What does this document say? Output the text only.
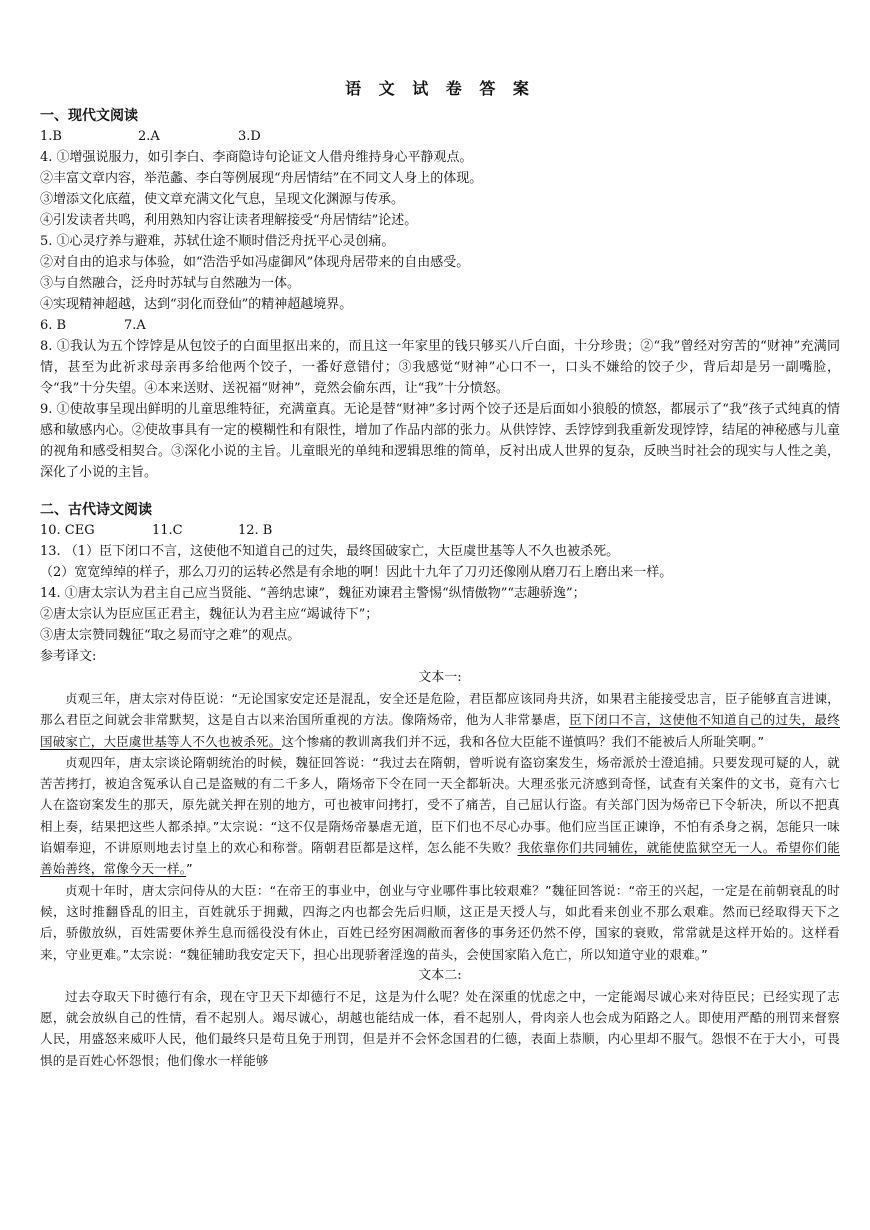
语 文 试 卷 答 案

一、现代文阅读

1.B	2.A	3.D

4. ①增强说服力，如引李白、李商隐诗句论证文人借舟维持身心平静观点。

②丰富文章内容，举范蠡、李白等例展现“舟居情结”在不同文人身上的体现。

③增添文化底蕴，使文章充满文化气息，呈现文化渊源与传承。

④引发读者共鸣，利用熟知内容让读者理解接受“舟居情结”论述。

5. ①心灵疗养与避难，苏轼仕途不顺时借泛舟抚平心灵创痛。

②对自由的追求与体验，如“浩浩乎如冯虚御风”体现舟居带来的自由感受。

③与自然融合，泛舟时苏轼与自然融为一体。

④实现精神超越，达到“羽化而登仙”的精神超越境界。

6. B	7.A

8. ①我认为五个饽饽是从包饺子的白面里抠出来的，而且这一年家里的钱只够买八斤白面，十分珍贵；②“我”曾经对穷苦的“财神”充满同情，甚至为此祈求母亲再多给他两个饺子，一番好意错付；③我感觉“财神”心口不一，口头不嫌给的饺子少，背后却是另一副嘴脸，令“我”十分失望。④本来送财、送祝福“财神”，竟然会偷东西，让“我”十分愤怒。

9. ①使故事呈现出鲜明的儿童思维特征，充满童真。无论是替“财神”多讨两个饺子还是后面如小狼般的愤怒，都展示了“我”孩子式纯真的情感和敏感内心。②使故事具有一定的模糊性和有限性，增加了作品内部的张力。从供饽饽、丢饽饽到我重新发现饽饽，结尾的神秘感与儿童的视角和感受相契合。③深化小说的主旨。儿童眼光的单纯和逻辑思维的简单，反衬出成人世界的复杂，反映当时社会的现实与人性之美，深化了小说的主旨。

二、古代诗文阅读

10. CEG	11.C	12. B

13. （1）臣下闭口不言，这使他不知道自己的过失，最终国破家亡，大臣虞世基等人不久也被杀死。

（2）宽宽绰绰的样子，那么刀刃的运转必然是有余地的啊！因此十九年了刀刃还像刚从磨刀石上磨出来一样。

14. ①唐太宗认为君主自己应当贤能、“善纳忠谏”，魏征劝谏君主警惕“纵情傲物”“志趣骄逸”；

②唐太宗认为臣应匡正君主，魏征认为君主应“竭诚待下”；

③唐太宗赞同魏征“取之易而守之难”的观点。

参考译文:

文本一:

贞观三年，唐太宗对侍臣说：“无论国家安定还是混乱，安全还是危险，君臣都应该同舟共济，如果君主能接受忠言，臣子能够直言进谏，那么君臣之间就会非常默契，这是自古以来治国所重视的方法。像隋炀帝，他为人非常暴虐，臣下闭口不言，这使他不知道自己的过失，最终国破家亡，大臣虞世基等人不久也被杀死。这个惨痛的教训离我们并不远，我和各位大臣能不谨慎吗？我们不能被后人所耻笑啊。”

贞观四年，唐太宗谈论隋朝统治的时候，魏征回答说：“我过去在隋朝，曾听说有盗窃案发生，炀帝派於士澄追捕。只要发现可疑的人，就苦苦拷打，被迫含冤承认自己是盗贼的有二千多人，隋炀帝下令在同一天全都斩决。大理丞张元济感到奇怪，试查有关案件的文书，竟有六七人在盗窃案发生的那天，原先就关押在别的地方，可也被审问拷打，受不了痛苦，自己屈认行盗。有关部门因为炀帝已下令斩决，所以不把真相上奏，结果把这些人都杀掉。”太宗说：“这不仅是隋炀帝暴虐无道，臣下们也不尽心办事。他们应当匡正谏诤，不怕有杀身之祸，怎能只一味谄媚奉迎，不讲原则地去讨皇上的欢心和称誉。隋朝君臣都是这样，怎么能不失败？我依靠你们共同辅佐，就能使监狱空无一人。希望你们能善始善终，常像今天一样。”

贞观十年时，唐太宗问侍从的大臣：“在帝王的事业中，创业与守业哪件事比较艰难？”魏征回答说：“帝王的兴起，一定是在前朝衰乱的时候，这时推翻昏乱的旧主，百姓就乐于拥戴，四海之内也都会先后归顺，这正是天授人与，如此看来创业不那么艰难。然而已经取得天下之后，骄傲放纵，百姓需要休养生息而徭役没有休止，百姓已经穷困凋敝而奢侈的事务还仍然不停，国家的衰败，常常就是这样开始的。这样看来，守业更难。”太宗说：“魏征辅助我安定天下，担心出现骄奢淫逸的苗头，会使国家陷入危亡，所以知道守业的艰难。”

文本二:

过去夺取天下时德行有余，现在守卫天下却德行不足，这是为什么呢？处在深重的忧虑之中，一定能竭尽诚心来对待臣民；已经实现了志愿，就会放纵自己的性情，看不起别人。竭尽诚心，胡越也能结成一体，看不起别人，骨肉亲人也会成为陌路之人。即使用严酷的刑罚来督察人民，用盛怒来威吓人民，他们最终只是苟且免于刑罚，但是并不会怀念国君的仁德，表面上恭顺，内心里却不服气。怨恨不在于大小，可畏惧的是百姓心怀怨恨；他们像水一样能够
